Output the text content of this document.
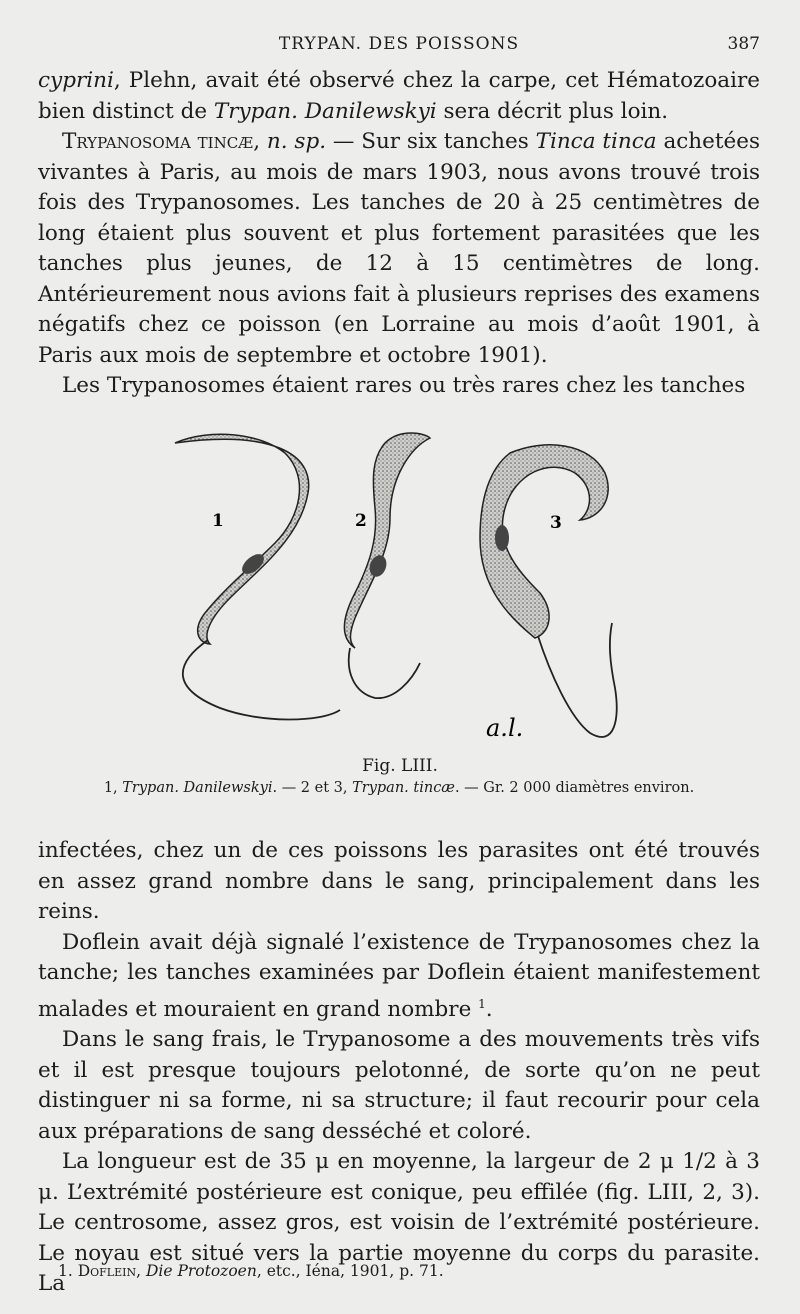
TRYPAN. DES POISSONS	387

cyprini, Plehn, avait été observé chez la carpe, cet Hématozoaire bien distinct de Trypan. Danilewskyi sera décrit plus loin.

Trypanosoma tincæ, n. sp. — Sur six tanches Tinca tinca achetées vivantes à Paris, au mois de mars 1903, nous avons trouvé trois fois des Trypanosomes. Les tanches de 20 à 25 centimètres de long étaient plus souvent et plus fortement parasitées que les tanches plus jeunes, de 12 à 15 centimètres de long. Antérieurement nous avions fait à plusieurs reprises des examens négatifs chez ce poisson (en Lorraine au mois d’août 1901, à Paris aux mois de septembre et octobre 1901).

Les Trypanosomes étaient rares ou très rares chez les tanches

1	2	3
a.l.
Fig. LIII.
1, Trypan. Danilewskyi. — 2 et 3, Trypan. tincæ. — Gr. 2 000 diamètres environ.

infectées, chez un de ces poissons les parasites ont été trouvés en assez grand nombre dans le sang, principalement dans les reins.

Doflein avait déjà signalé l’existence de Trypanosomes chez la tanche; les tanches examinées par Doflein étaient manifestement malades et mouraient en grand nombre $^1$.

Dans le sang frais, le Trypanosome a des mouvements très vifs et il est presque toujours pelotonné, de sorte qu’on ne peut distinguer ni sa forme, ni sa structure; il faut recourir pour cela aux préparations de sang desséché et coloré.

La longueur est de 35 μ en moyenne, la largeur de 2 μ 1/2 à 3 μ. L’extrémité postérieure est conique, peu effilée (fig. LIII, 2, 3). Le centrosome, assez gros, est voisin de l’extrémité postérieure. Le noyau est situé vers la partie moyenne du corps du parasite. La

1. Doflein, Die Protozoen, etc., Iéna, 1901, p. 71.
